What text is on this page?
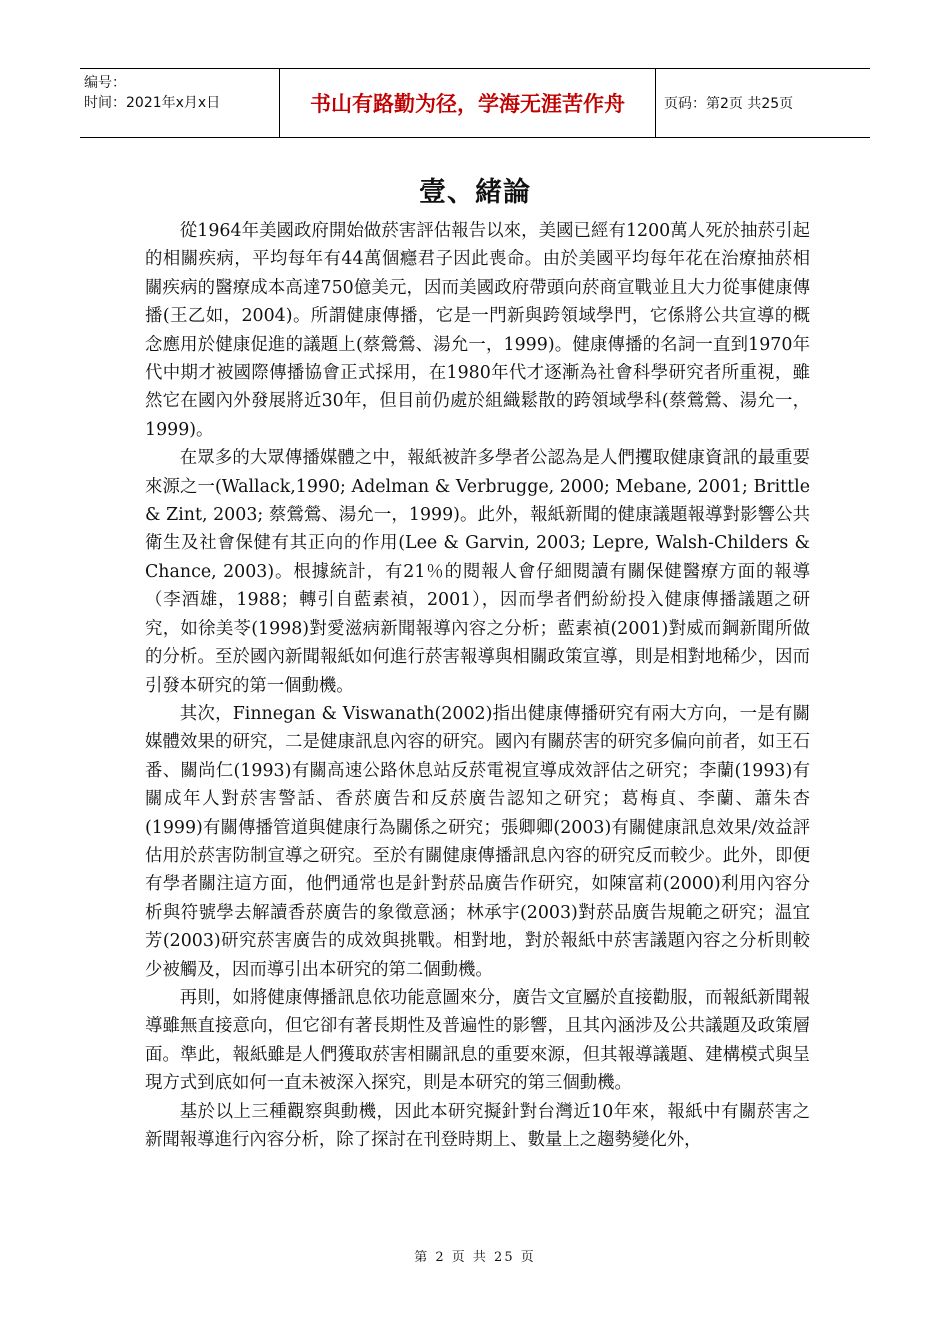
编号：
时间：2021年x月x日	书山有路勤为径，学海无涯苦作舟	页码：第2页 共25页
壹、緒論

從1964年美國政府開始做菸害評估報告以來，美國已經有1200萬人死於抽菸引起的相關疾病，平均每年有44萬個癮君子因此喪命。由於美國平均每年花在治療抽菸相關疾病的醫療成本高達750億美元，因而美國政府帶頭向菸商宣戰並且大力從事健康傳播(王乙如，2004)。所謂健康傳播，它是一門新與跨領域學門，它係將公共宣導的概念應用於健康促進的議題上(蔡鶯鶯、湯允一，1999)。健康傳播的名詞一直到1970年代中期才被國際傳播協會正式採用，在1980年代才逐漸為社會科學研究者所重視，雖然它在國內外發展將近30年，但目前仍處於組織鬆散的跨領域學科(蔡鶯鶯、湯允一，1999)。

在眾多的大眾傳播媒體之中，報紙被許多學者公認為是人們攫取健康資訊的最重要來源之一(Wallack,1990; Adelman & Verbrugge, 2000; Mebane, 2001; Brittle & Zint, 2003; 蔡鶯鶯、湯允一，1999)。此外，報紙新聞的健康議題報導對影響公共衛生及社會保健有其正向的作用(Lee & Garvin, 2003; Lepre, Walsh-Childers & Chance, 2003)。根據統計，有21％的閱報人會仔細閱讀有關保健醫療方面的報導（李酒雄，1988；轉引自藍素禎，2001），因而學者們紛紛投入健康傳播議題之研究，如徐美苓(1998)對愛滋病新聞報導內容之分析；藍素禎(2001)對威而鋼新聞所做的分析。至於國內新聞報紙如何進行菸害報導與相關政策宣導，則是相對地稀少，因而引發本研究的第一個動機。

其次，Finnegan & Viswanath(2002)指出健康傳播研究有兩大方向，一是有關媒體效果的研究，二是健康訊息內容的研究。國內有關菸害的研究多偏向前者，如王石番、關尚仁(1993)有關高速公路休息站反菸電視宣導成效評估之研究；李蘭(1993)有關成年人對菸害警話、香菸廣告和反菸廣告認知之研究；葛梅貞、李蘭、蕭朱杏(1999)有關傳播管道與健康行為關係之研究；張卿卿(2003)有關健康訊息效果/效益評估用於菸害防制宣導之研究。至於有關健康傳播訊息內容的研究反而較少。此外，即便有學者關注這方面，他們通常也是針對菸品廣告作研究，如陳富莉(2000)利用內容分析與符號學去解讀香菸廣告的象徵意涵；林承宇(2003)對菸品廣告規範之研究；温宜芳(2003)研究菸害廣告的成效與挑戰。相對地，對於報紙中菸害議題內容之分析則較少被觸及，因而導引出本研究的第二個動機。

再則，如將健康傳播訊息依功能意圖來分，廣告文宣屬於直接勸服，而報紙新聞報導雖無直接意向，但它卻有著長期性及普遍性的影響，且其內涵涉及公共議題及政策層面。準此，報紙雖是人們獲取菸害相關訊息的重要來源，但其報導議題、建構模式與呈現方式到底如何一直未被深入探究，則是本研究的第三個動機。

基於以上三種觀察與動機，因此本研究擬針對台灣近10年來，報紙中有關菸害之新聞報導進行內容分析，除了探討在刊登時期上、數量上之趨勢變化外，

第 2 页 共 25 页
